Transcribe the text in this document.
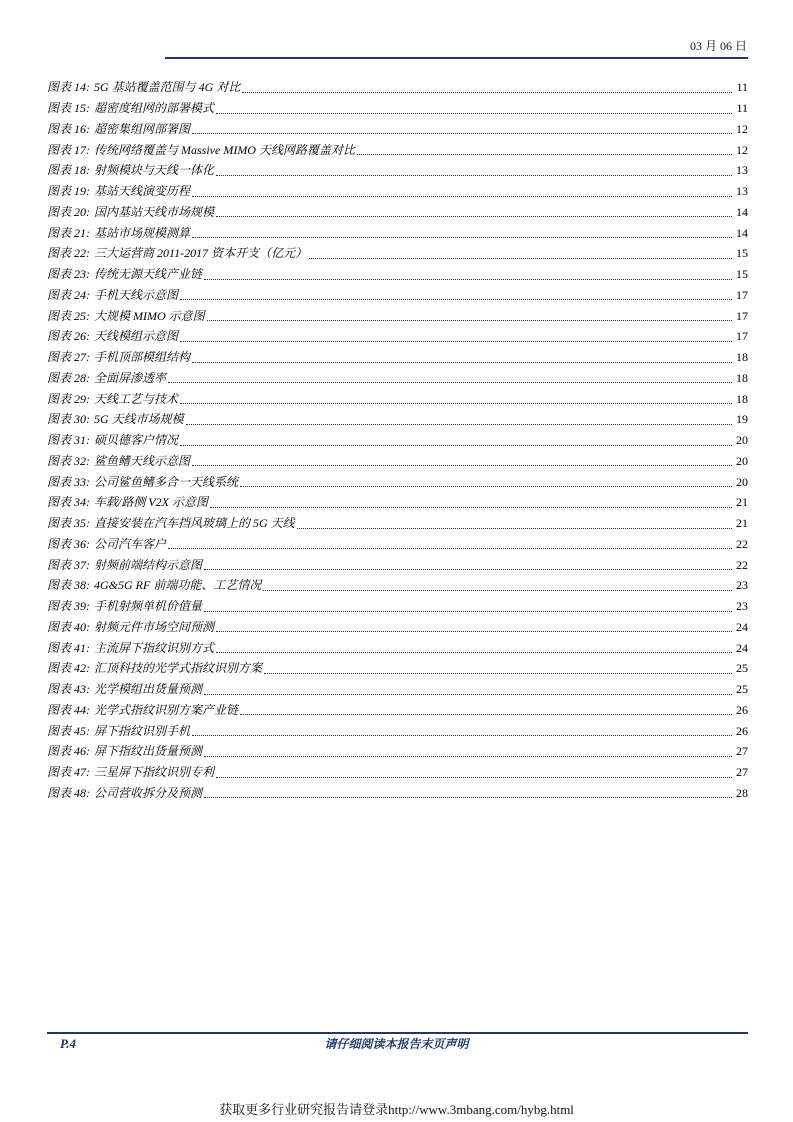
03 月 06 日
图表 14: 5G 基站覆盖范围与 4G 对比	11
图表 15: 超密度组网的部署模式	11
图表 16: 超密集组网部署图	12
图表 17: 传统网络覆盖与 Massive MIMO 天线网路覆盖对比	12
图表 18: 射频模块与天线一体化	13
图表 19: 基站天线演变历程	13
图表 20: 国内基站天线市场规模	14
图表 21: 基站市场规模测算	14
图表 22: 三大运营商 2011-2017 资本开支（亿元）	15
图表 23: 传统无源天线产业链	15
图表 24: 手机天线示意图	17
图表 25: 大规模 MIMO 示意图	17
图表 26: 天线模组示意图	17
图表 27: 手机顶部模组结构	18
图表 28: 全面屏渗透率	18
图表 29: 天线工艺与技术	18
图表 30: 5G 天线市场规模	19
图表 31: 硕贝德客户情况	20
图表 32: 鲨鱼鳍天线示意图	20
图表 33: 公司鲨鱼鳍多合一天线系统	20
图表 34: 车载/路侧 V2X 示意图	21
图表 35: 直接安装在汽车挡风玻璃上的 5G 天线	21
图表 36: 公司汽车客户	22
图表 37: 射频前端结构示意图	22
图表 38: 4G&5G RF 前端功能、工艺情况	23
图表 39: 手机射频单机价值量	23
图表 40: 射频元件市场空间预测	24
图表 41: 主流屏下指纹识别方式	24
图表 42: 汇顶科技的光学式指纹识别方案	25
图表 43: 光学模组出货量预测	25
图表 44: 光学式指纹识别方案产业链	26
图表 45: 屏下指纹识别手机	26
图表 46: 屏下指纹出货量预测	27
图表 47: 三星屏下指纹识别专利	27
图表 48: 公司营收拆分及预测	28
P.4	请仔细阅读本报告末页声明
获取更多行业研究报告请登录http://www.3mbang.com/hybg.html
